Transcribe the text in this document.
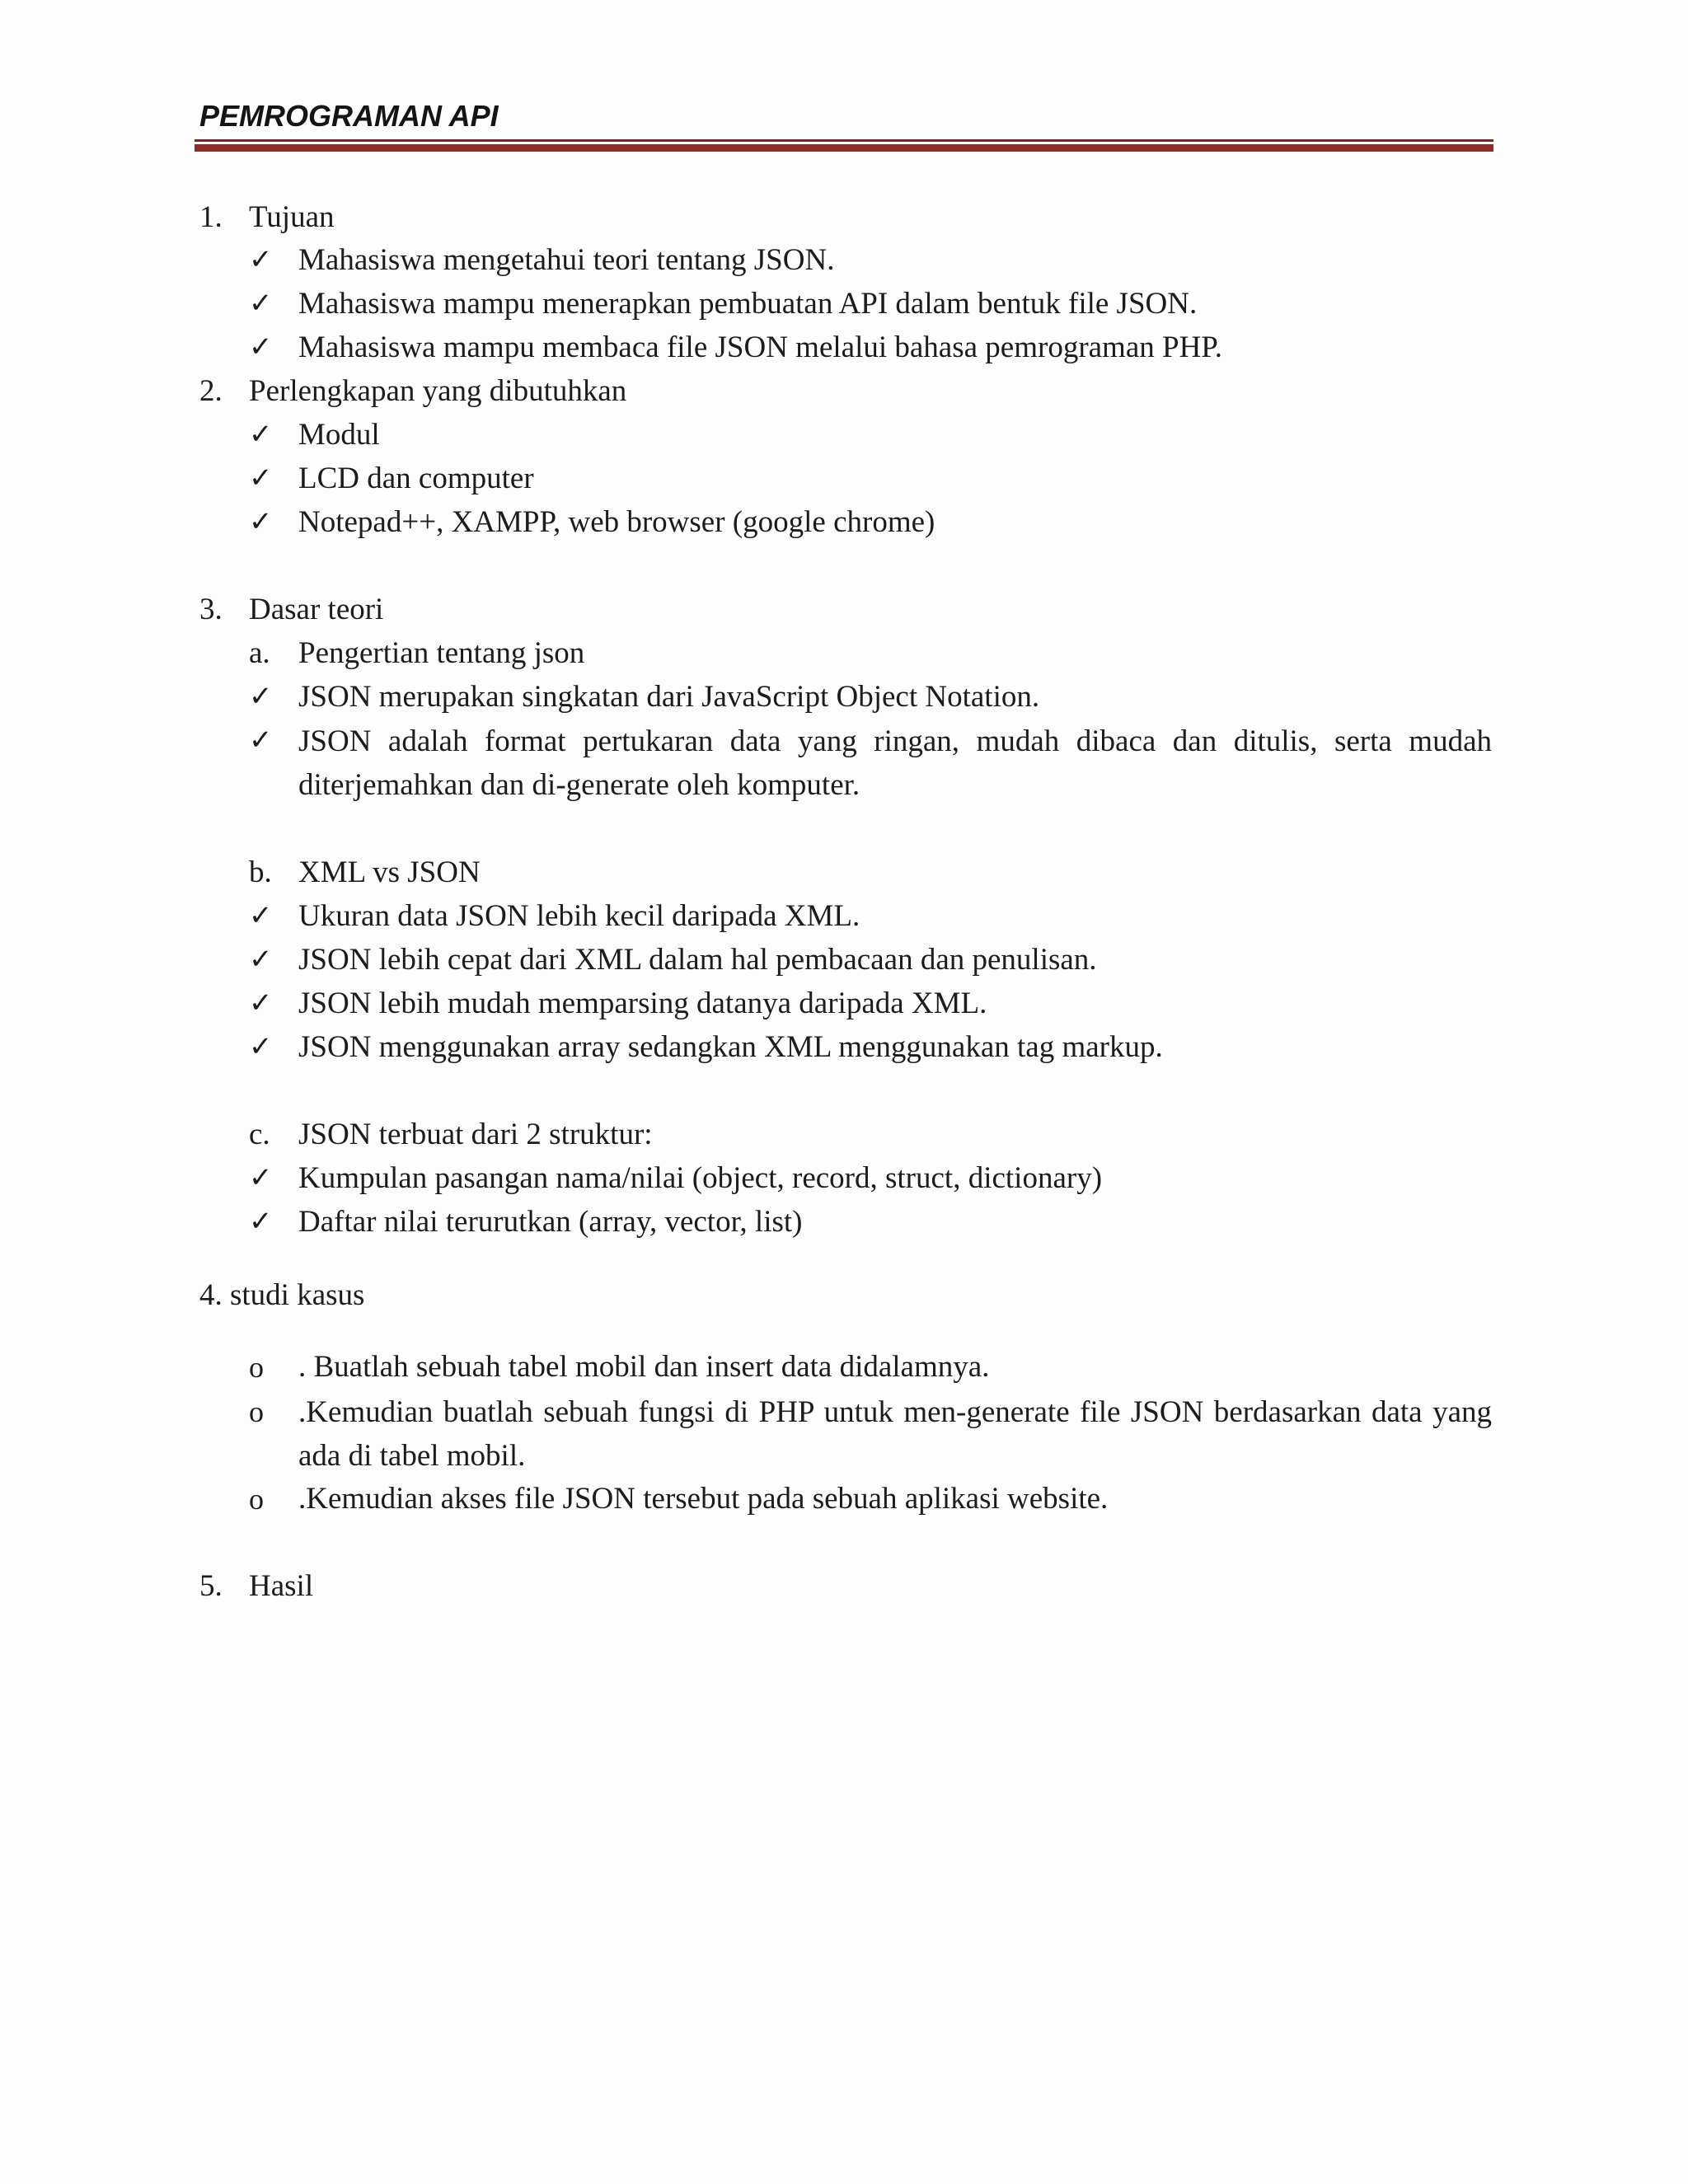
PEMROGRAMAN API
1. Tujuan
✓ Mahasiswa mengetahui teori tentang JSON.
✓ Mahasiswa mampu menerapkan pembuatan API dalam bentuk file JSON.
✓ Mahasiswa mampu membaca file JSON melalui bahasa pemrograman PHP.
2. Perlengkapan yang dibutuhkan
✓ Modul
✓ LCD dan computer
✓ Notepad++, XAMPP, web browser (google chrome)
3. Dasar teori
a. Pengertian tentang json
✓ JSON merupakan singkatan dari JavaScript Object Notation.
✓ JSON adalah format pertukaran data yang ringan, mudah dibaca dan ditulis, serta mudah diterjemahkan dan di-generate oleh komputer.
b. XML vs JSON
✓ Ukuran data JSON lebih kecil daripada XML.
✓ JSON lebih cepat dari XML dalam hal pembacaan dan penulisan.
✓ JSON lebih mudah memparsing datanya daripada XML.
✓ JSON menggunakan array sedangkan XML menggunakan tag markup.
c. JSON terbuat dari 2 struktur:
✓ Kumpulan pasangan nama/nilai (object, record, struct, dictionary)
✓ Daftar nilai terurutkan (array, vector, list)
4. studi kasus
o . Buatlah sebuah tabel mobil dan insert data didalamnya.
o .Kemudian buatlah sebuah fungsi di PHP untuk men-generate file JSON berdasarkan data yang ada di tabel mobil.
o .Kemudian akses file JSON tersebut pada sebuah aplikasi website.
5. Hasil
